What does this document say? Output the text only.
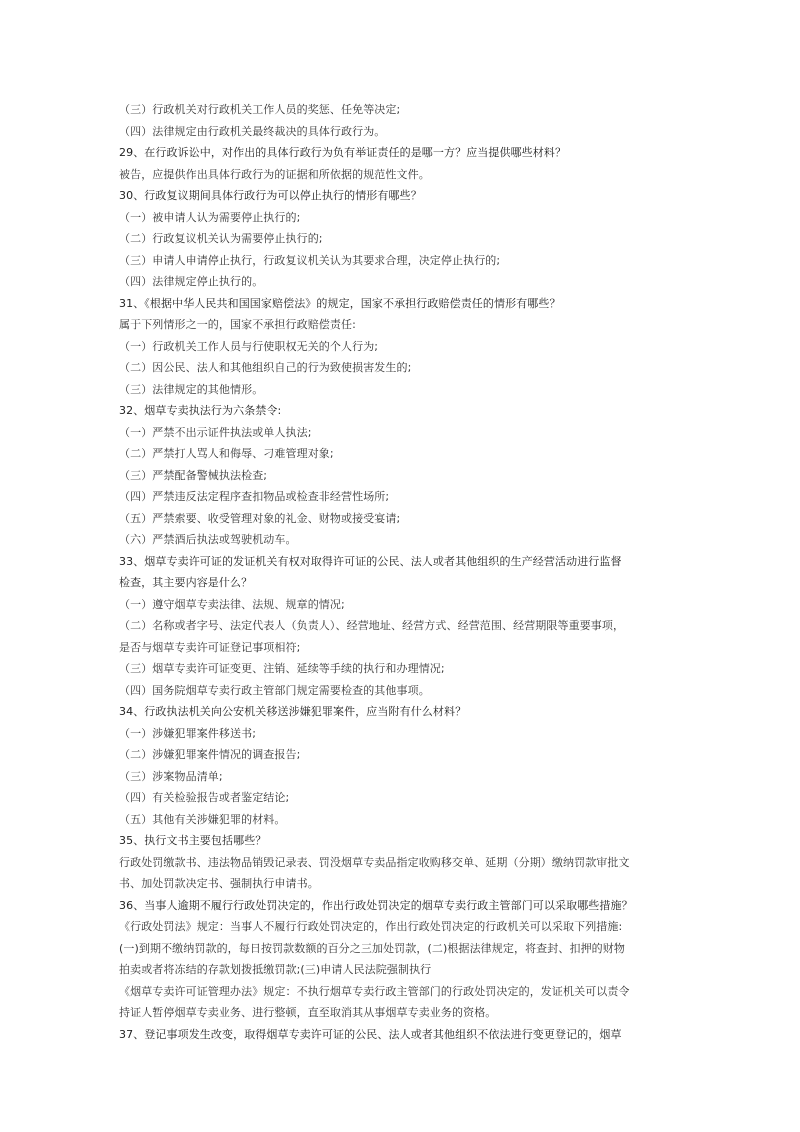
（三）行政机关对行政机关工作人员的奖惩、任免等决定;
（四）法律规定由行政机关最终裁决的具体行政行为。
29、在行政诉讼中，对作出的具体行政行为负有举证责任的是哪一方？应当提供哪些材料？
被告，应提供作出具体行政行为的证据和所依据的规范性文件。
30、行政复议期间具体行政行为可以停止执行的情形有哪些？
（一）被申请人认为需要停止执行的;
（二）行政复议机关认为需要停止执行的;
（三）申请人申请停止执行，行政复议机关认为其要求合理，决定停止执行的;
（四）法律规定停止执行的。
31、《根据中华人民共和国国家赔偿法》的规定，国家不承担行政赔偿责任的情形有哪些？
属于下列情形之一的，国家不承担行政赔偿责任:
（一）行政机关工作人员与行使职权无关的个人行为;
（二）因公民、法人和其他组织自己的行为致使损害发生的;
（三）法律规定的其他情形。
32、烟草专卖执法行为六条禁令:
（一）严禁不出示证件执法或单人执法;
（二）严禁打人骂人和侮辱、刁难管理对象;
（三）严禁配备警械执法检查;
（四）严禁违反法定程序查扣物品或检查非经营性场所;
（五）严禁索要、收受管理对象的礼金、财物或接受宴请;
（六）严禁酒后执法或驾驶机动车。
33、烟草专卖许可证的发证机关有权对取得许可证的公民、法人或者其他组织的生产经营活动进行监督
检查，其主要内容是什么？
（一）遵守烟草专卖法律、法规、规章的情况;
（二）名称或者字号、法定代表人（负责人）、经营地址、经营方式、经营范围、经营期限等重要事项，
是否与烟草专卖许可证登记事项相符;
（三）烟草专卖许可证变更、注销、延续等手续的执行和办理情况;
（四）国务院烟草专卖行政主管部门规定需要检查的其他事项。
34、行政执法机关向公安机关移送涉嫌犯罪案件，应当附有什么材料？
（一）涉嫌犯罪案件移送书;
（二）涉嫌犯罪案件情况的调查报告;
（三）涉案物品清单;
（四）有关检验报告或者鉴定结论;
（五）其他有关涉嫌犯罪的材料。
35、执行文书主要包括哪些？
行政处罚缴款书、违法物品销毁记录表、罚没烟草专卖品指定收购移交单、延期（分期）缴纳罚款审批文
书、加处罚款决定书、强制执行申请书。
36、当事人逾期不履行行政处罚决定的，作出行政处罚决定的烟草专卖行政主管部门可以采取哪些措施？
《行政处罚法》规定：当事人不履行行政处罚决定的，作出行政处罚决定的行政机关可以采取下列措施:
(一)到期不缴纳罚款的，每日按罚款数额的百分之三加处罚款，(二)根据法律规定，将查封、扣押的财物
拍卖或者将冻结的存款划拨抵缴罚款;(三)申请人民法院强制执行
《烟草专卖许可证管理办法》规定：不执行烟草专卖行政主管部门的行政处罚决定的，发证机关可以责令
持证人暂停烟草专卖业务、进行整顿，直至取消其从事烟草专卖业务的资格。
37、登记事项发生改变，取得烟草专卖许可证的公民、法人或者其他组织不依法进行变更登记的，烟草
